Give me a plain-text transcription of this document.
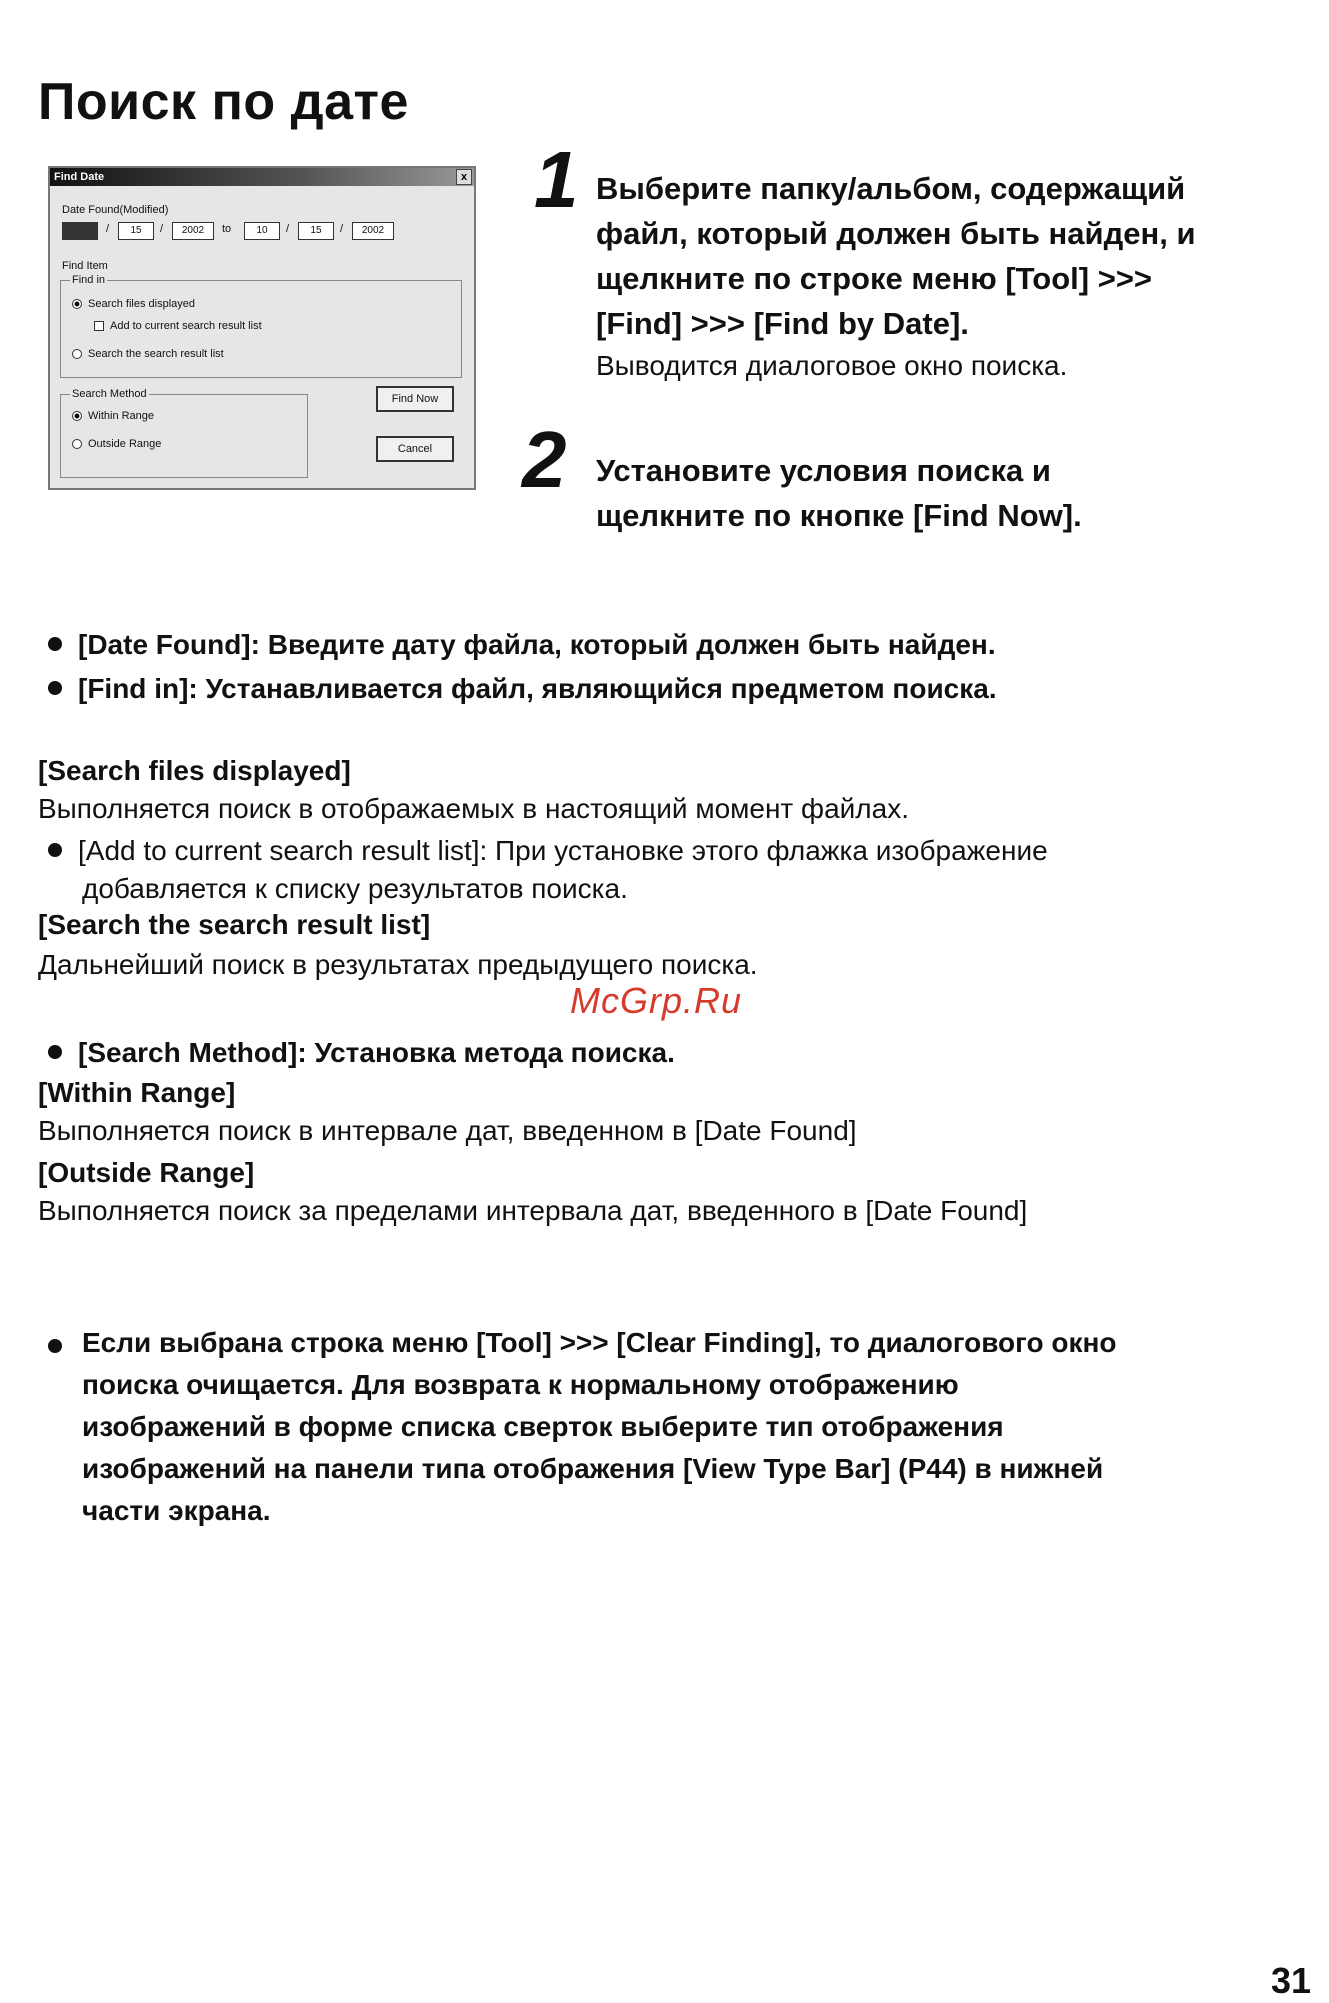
Поиск по дате
Find Date	x
Date Found(Modified)
/	15	/	2002	to	10	/	15	/	2002
Find Item
Find in
Search files displayed
Add to current search result list
Search the search result list
Search Method
Within Range
Outside Range
Find Now
Cancel
1 Выберите папку/альбом, содержащий
файл, который должен быть найден, и
щелкните по строке меню [Tool] >>>
[Find] >>> [Find by Date].
Выводится диалоговое окно поиска.
2 Установите условия поиска и
щелкните по кнопке [Find Now].
[Date Found]: Введите дату файла, который должен быть найден.
[Find in]: Устанавливается файл, являющийся предметом поиска.
[Search files displayed]
Выполняется поиск в отображаемых в настоящий момент файлах.
[Add to current search result list]: При установке этого флажка изображение
добавляется к списку результатов поиска.
[Search the search result list]
Дальнейший поиск в результатах предыдущего поиска.
McGrp.Ru
[Search Method]: Установка метода поиска.
[Within Range]
Выполняется поиск в интервале дат, введенном в [Date Found]
[Outside Range]
Выполняется поиск за пределами интервала дат, введенного в [Date Found]
Если выбрана строка меню [Tool] >>> [Clear Finding], то диалогового окно
поиска очищается. Для возврата к нормальному отображению
изображений в форме списка сверток выберите тип отображения
изображений на панели типа отображения [View Type Bar] (P44) в нижней
части экрана.
31
